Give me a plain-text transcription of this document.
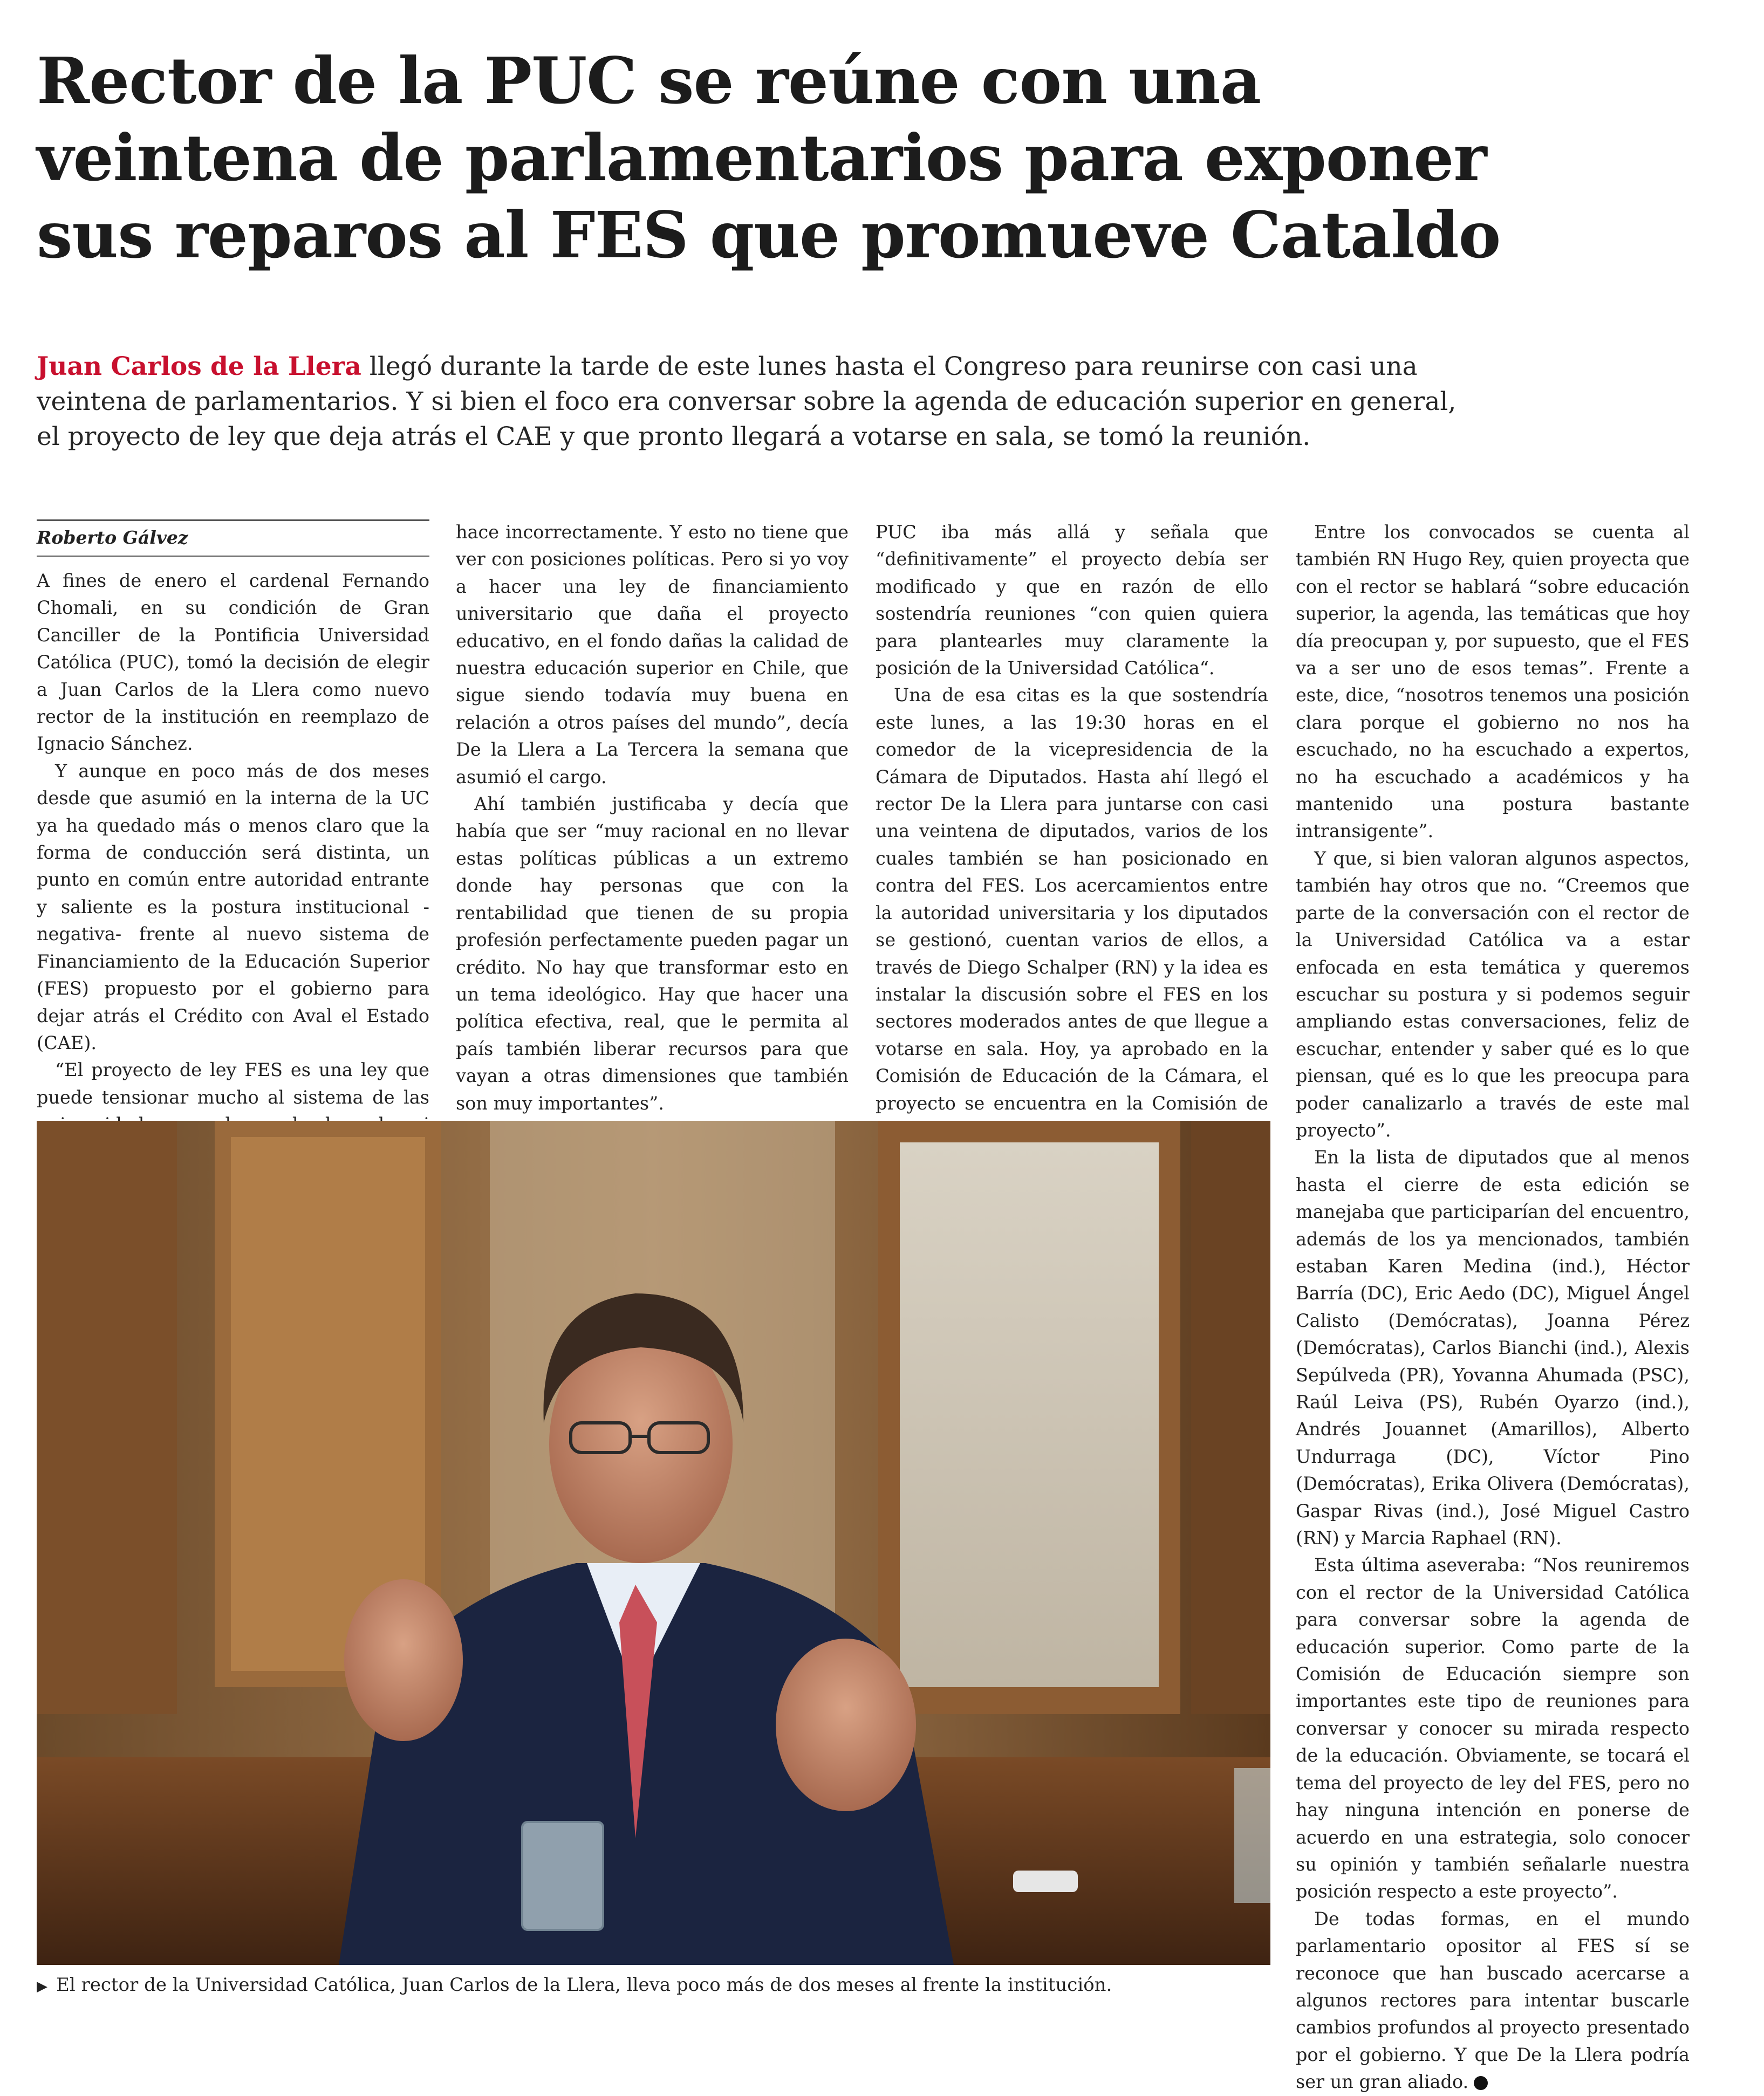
Rector de la PUC se reúne con una
veintena de parlamentarios para exponer
sus reparos al FES que promueve Cataldo
Juan Carlos de la Llera llegó durante la tarde de este lunes hasta el Congreso para reunirse con casi una
veintena de parlamentarios. Y si bien el foco era conversar sobre la agenda de educación superior en general,
el proyecto de ley que deja atrás el CAE y que pronto llegará a votarse en sala, se tomó la reunión.
Roberto Gálvez

A fines de enero el cardenal Fernando Chomali, en su condición de Gran Canciller de la Pontificia Universidad Católica (PUC), tomó la decisión de elegir a Juan Carlos de la Llera como nuevo rector de la institución en reemplazo de Ignacio Sánchez.

Y aunque en poco más de dos meses desde que asumió en la interna de la UC ya ha quedado más o menos claro que la forma de conducción será distinta, un punto en común entre autoridad entrante y saliente es la postura institucional -negativa- frente al nuevo sistema de Financiamiento de la Educación Superior (FES) propuesto por el gobierno para dejar atrás el Crédito con Aval el Estado (CAE).

“El proyecto de ley FES es una ley que puede tensionar mucho al sistema de las

hace incorrectamente. Y esto no tiene que ver con posiciones políticas. Pero si yo voy a hacer una ley de financiamiento universitario que daña el proyecto educativo, en el fondo dañas la calidad de nuestra educación superior en Chile, que sigue siendo todavía muy buena en relación a otros países del mundo”, decía De la Llera a La Tercera la semana que asumió el cargo.

Ahí también justificaba y decía que había que ser “muy racional en no llevar estas políticas públicas a un extremo donde hay personas que con la rentabilidad que tienen de su propia profesión perfectamente pueden pagar un crédito. No hay que transformar esto en un tema ideológico. Hay que hacer una política efectiva, real, que le permita al país también liberar recursos para que vayan a otras dimensiones que también son muy importantes”.

PUC iba más allá y señala que “definitivamente” el proyecto debía ser modificado y que en razón de ello sostendría reuniones “con quien quiera para plantearles muy claramente la posición de la Universidad Católica“.

Una de esa citas es la que sostendría este lunes, a las 19:30 horas en el comedor de la vicepresidencia de la Cámara de Diputados. Hasta ahí llegó el rector De la Llera para juntarse con casi una veintena de diputados, varios de los cuales también se han posicionado en contra del FES. Los acercamientos entre la autoridad universitaria y los diputados se gestionó, cuentan varios de ellos, a través de Diego Schalper (RN) y la idea es instalar la discusión sobre el FES en los sectores moderados antes de que llegue a votarse en sala. Hoy, ya aprobado en la Comisión de Educación de la Cámara, el proyecto se encuentra en la Comisión de

Entre los convocados se cuenta al también RN Hugo Rey, quien proyecta que con el rector se hablará “sobre educación superior, la agenda, las temáticas que hoy día preocupan y, por supuesto, que el FES va a ser uno de esos temas”. Frente a este, dice, “nosotros tenemos una posición clara porque el gobierno no nos ha escuchado, no ha escuchado a expertos, no ha escuchado a académicos y ha mantenido una postura bastante intransigente”.

Y que, si bien valoran algunos aspectos, también hay otros que no. “Creemos que parte de la conversación con el rector de la Universidad Católica va a estar enfocada en esta temática y queremos escuchar su postura y si podemos seguir ampliando estas conversaciones, feliz de escuchar, entender y saber qué es lo que piensan, qué es lo que les preocupa para poder canalizarlo a través de este mal proyecto”.

En la lista de diputados que al menos hasta el cierre de esta edición se manejaba que participarían del encuentro, además de los ya mencionados, también estaban Karen Medina (ind.), Héctor Barría (DC), Eric Aedo (DC), Miguel Ángel Calisto (Demócratas), Joanna Pérez (Demócratas), Carlos Bianchi (ind.), Alexis Sepúlveda (PR), Yovanna Ahumada (PSC), Raúl Leiva (PS), Rubén Oyarzo (ind.), Andrés Jouannet (Amarillos), Alberto Undurraga (DC), Víctor Pino (Demócratas), Erika Olivera (Demócratas), Gaspar Rivas (ind.), José Miguel Castro (RN) y Marcia Raphael (RN).

Esta última aseveraba: “Nos reuniremos con el rector de la Universidad Católica para conversar sobre la agenda de educación superior. Como parte de la Comisión de Educación siempre son importantes este tipo de reuniones para conversar y conocer su mirada respecto de la educación. Obviamente, se tocará el tema del proyecto de ley del FES, pero no hay ninguna intención en ponerse de acuerdo en una estrategia, solo conocer su opinión y también señalarle nuestra posición respecto a este proyecto”.

De todas formas, en el mundo parlamentario opositor al FES sí se reconoce que han buscado acercarse a algunos rectores para intentar buscarle cambios profundos al proyecto presentado por el gobierno. Y que De la Llera podría ser un gran aliado.

▶ El rector de la Universidad Católica, Juan Carlos de la Llera, lleva poco más de dos meses al frente la institución.
